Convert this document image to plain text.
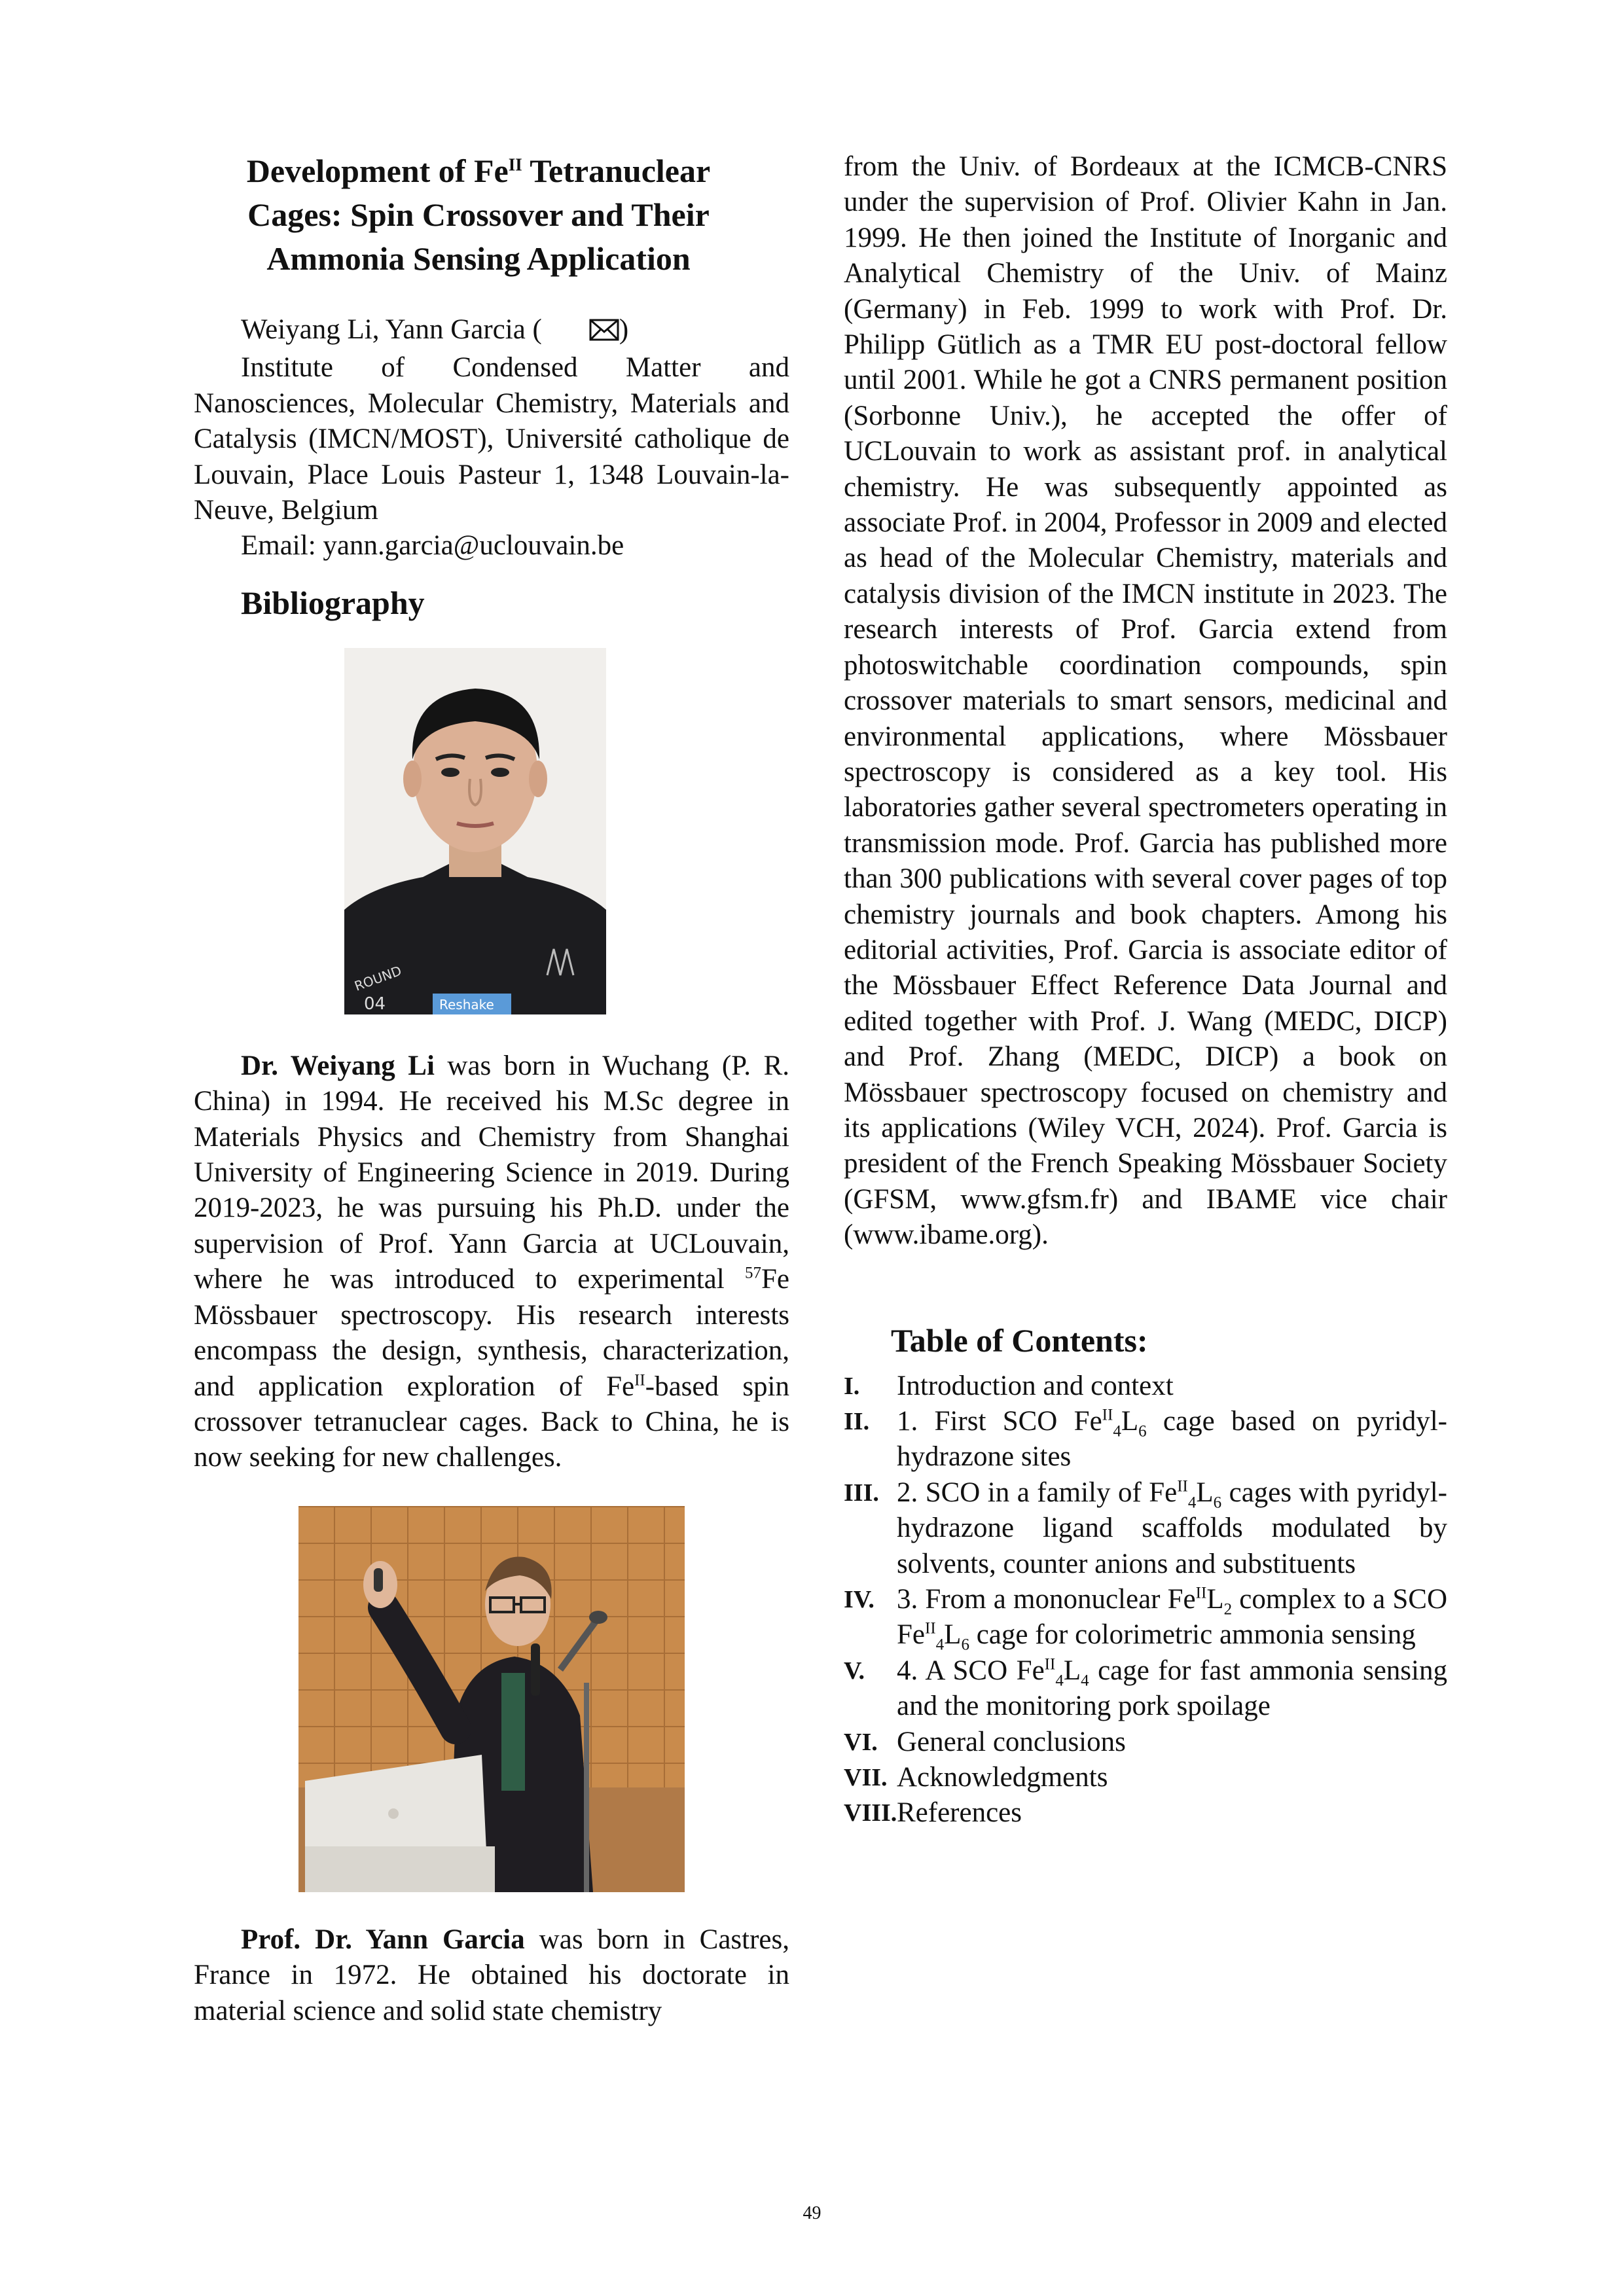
Development of $Fe^{II}$ Tetranuclear
Cages: Spin Crossover and Their
Ammonia Sensing Application

Weiyang Li, Yann Garcia (	)

Institute of Condensed Matter and Nanosciences, Molecular Chemistry, Materials and Catalysis (IMCN/MOST), Université catholique de Louvain, Place Louis Pasteur 1, 1348 Louvain-la-Neuve, Belgium

Email: yann.garcia@uclouvain.be

Bibliography
Reshake
ROUND
04

Dr. Weiyang Li was born in Wuchang (P. R. China) in 1994. He received his M.Sc degree in Materials Physics and Chemistry from Shanghai University of Engineering Science in 2019. During 2019-2023, he was pursuing his Ph.D. under the supervision of Prof. Yann Garcia at UCLouvain, where he was introduced to experimental $^{57}$Fe Mössbauer spectroscopy. His research interests encompass the design, synthesis, characterization, and application exploration of $Fe^{II}$-based spin crossover tetranuclear cages. Back to China, he is now seeking for new challenges.

Prof. Dr. Yann Garcia was born in Castres, France in 1972. He obtained his doctorate in material science and solid state chemistry

from the Univ. of Bordeaux at the ICMCB-CNRS under the supervision of Prof. Olivier Kahn in Jan. 1999. He then joined the Institute of Inorganic and Analytical Chemistry of the Univ. of Mainz (Germany) in Feb. 1999 to work with Prof. Dr. Philipp Gütlich as a TMR EU post-doctoral fellow until 2001. While he got a CNRS permanent position (Sorbonne Univ.), he accepted the offer of UCLouvain to work as assistant prof. in analytical chemistry. He was subsequently appointed as associate Prof. in 2004, Professor in 2009 and elected as head of the Molecular Chemistry, materials and catalysis division of the IMCN institute in 2023. The research interests of Prof. Garcia extend from photoswitchable coordination compounds, spin crossover materials to smart sensors, medicinal and environmental applications, where Mössbauer spectroscopy is considered as a key tool. His laboratories gather several spectrometers operating in transmission mode. Prof. Garcia has published more than 300 publications with several cover pages of top chemistry journals and book chapters. Among his editorial activities, Prof. Garcia is associate editor of the Mössbauer Effect Reference Data Journal and edited together with Prof. J. Wang (MEDC, DICP) and Prof. Zhang (MEDC, DICP) a book on Mössbauer spectroscopy focused on chemistry and its applications (Wiley VCH, 2024). Prof. Garcia is president of the French Speaking Mössbauer Society (GFSM, www.gfsm.fr) and IBAME vice chair (www.ibame.org).

Table of Contents:
I.	Introduction and context
II. 1. First SCO $Fe^{II}_4L_6$ cage based on pyridyl-hydrazone sites
III. 2. SCO in a family of $Fe^{II}_4L_6$ cages with pyridyl-hydrazone ligand scaffolds modulated by solvents, counter anions and substituents
IV. 3. From a mononuclear $Fe^{II}L_2$ complex to a SCO $Fe^{II}_4L_6$ cage for colorimetric ammonia sensing
V.	4. A SCO $Fe^{II}_4L_4$ cage for fast ammonia sensing and the monitoring pork spoilage
VI. General conclusions
VII. Acknowledgments
VIII. References
49
